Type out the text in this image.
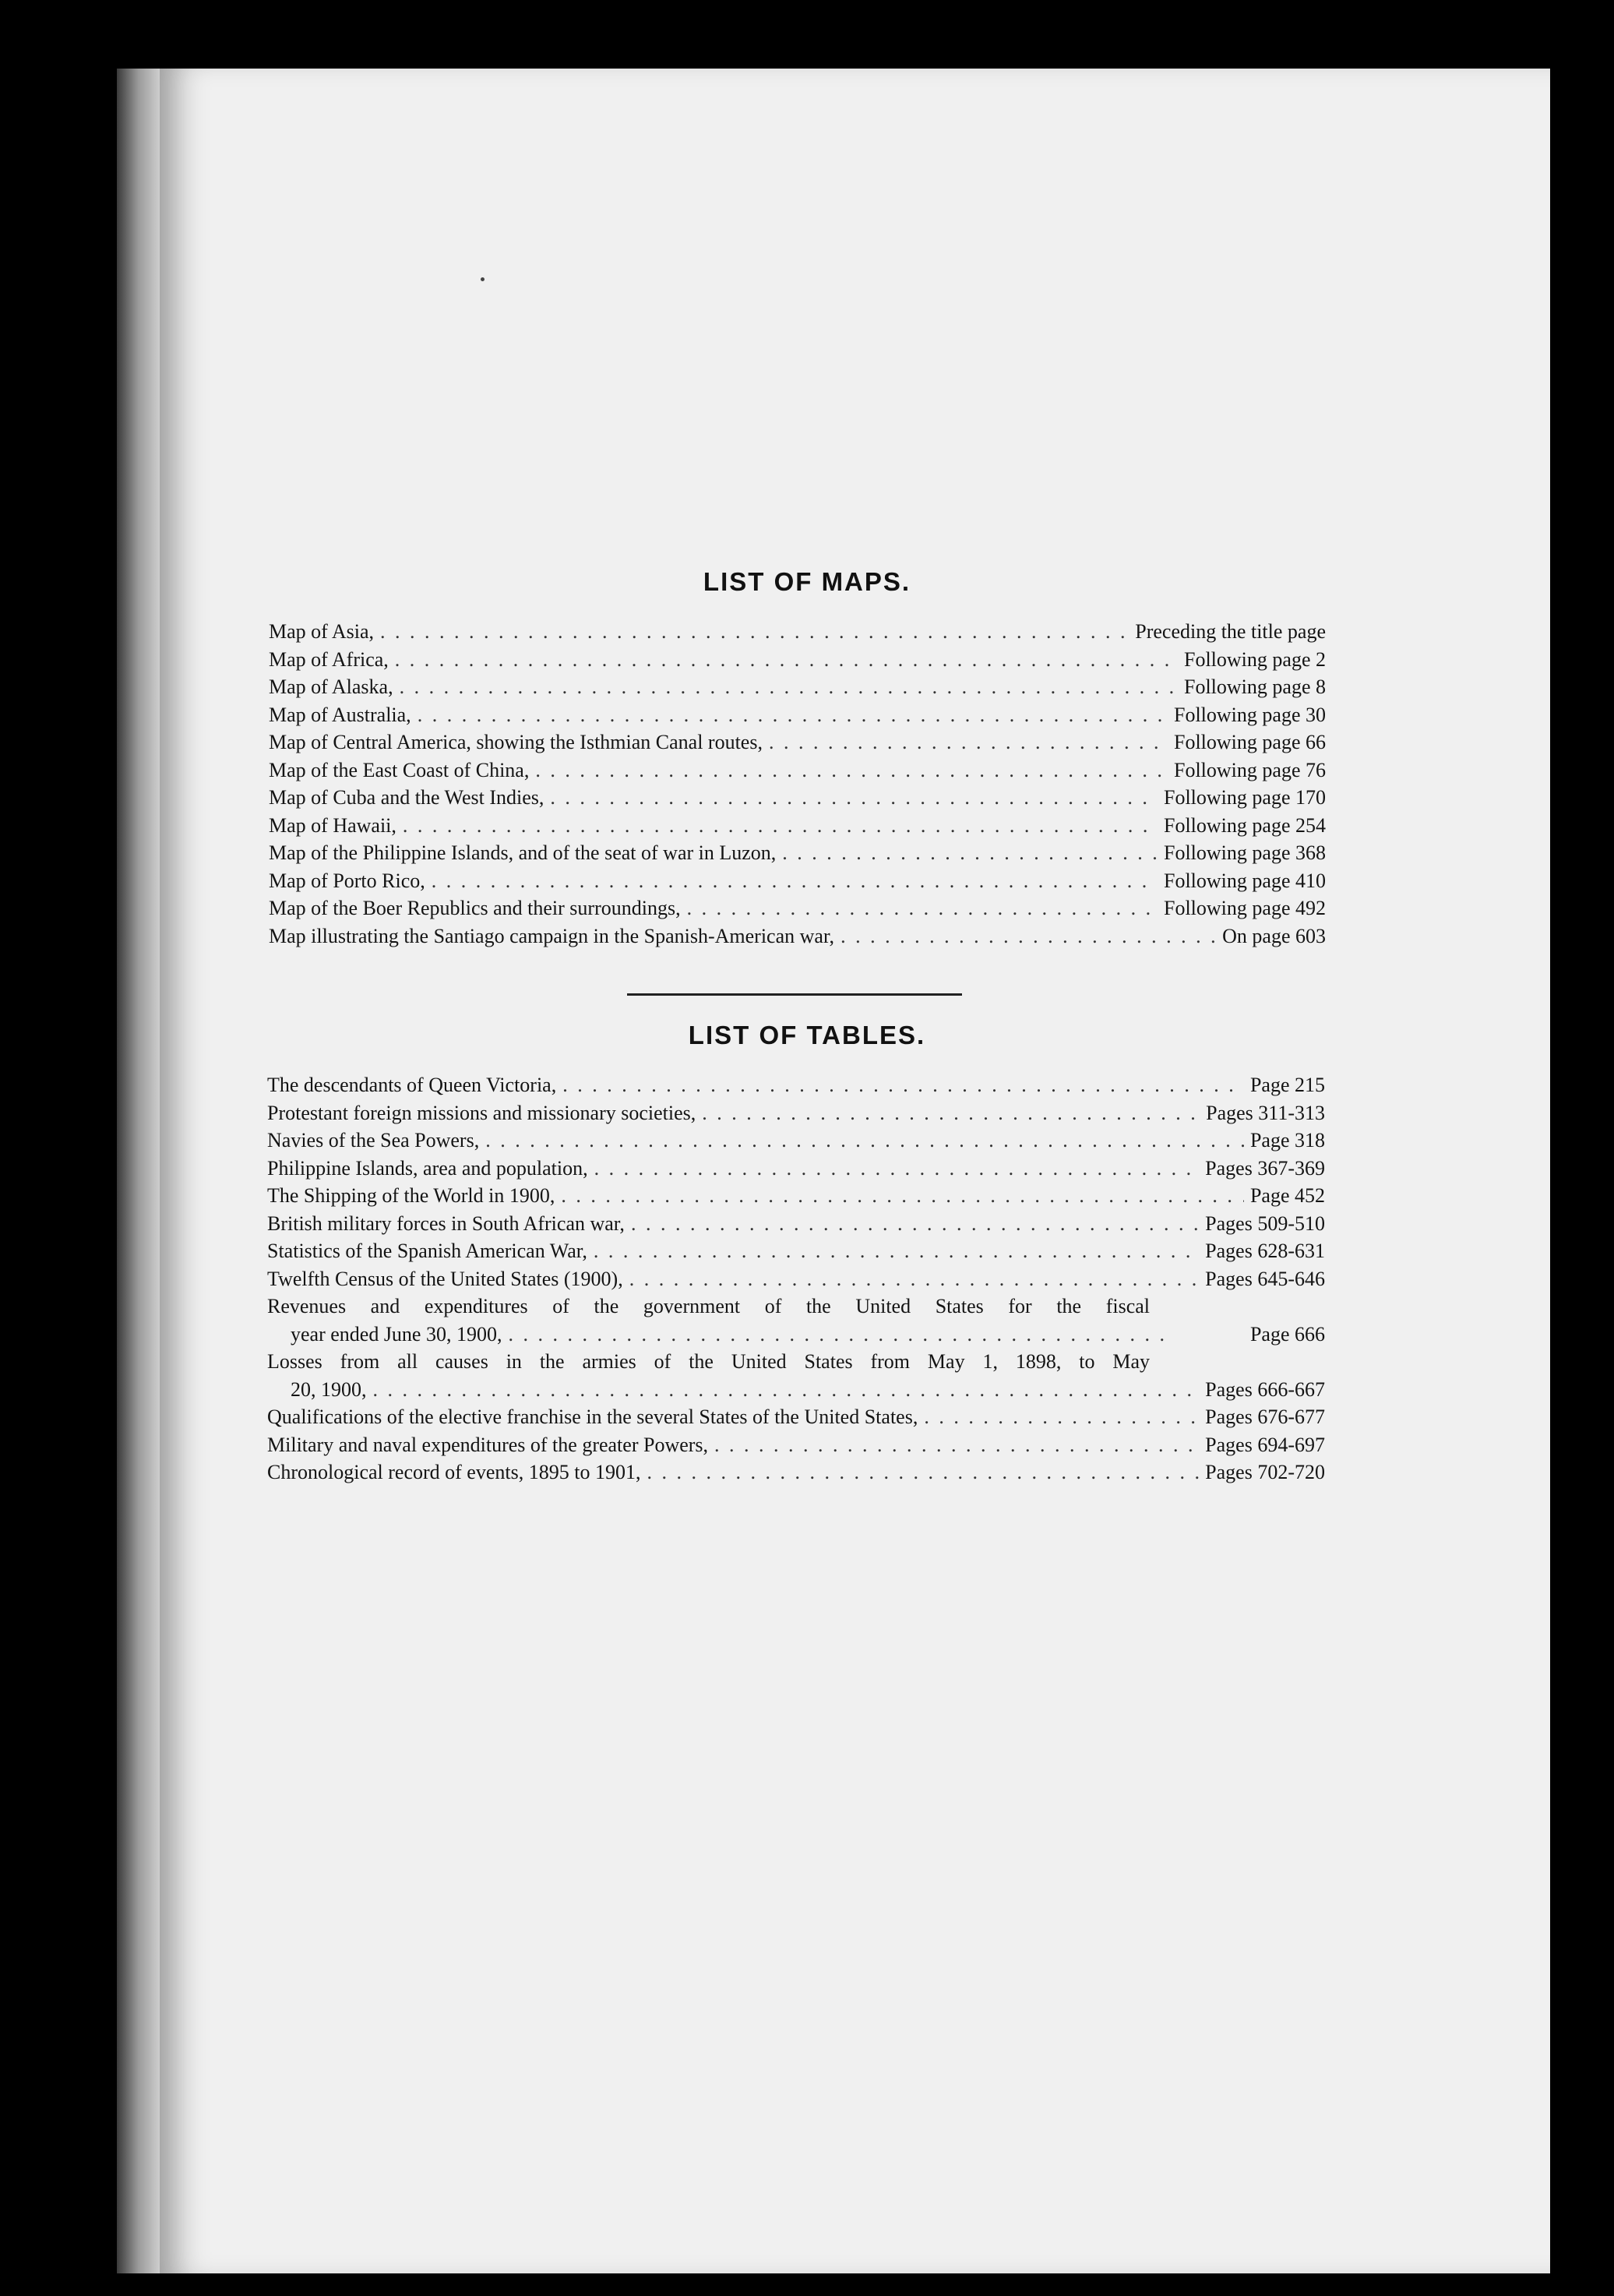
LIST OF MAPS.
Map of Asia, . . .	Preceding the title page
Map of Africa, . . .	Following page 2
Map of Alaska, . . .	Following page 8
Map of Australia, . . .	Following page 30
Map of Central America, showing the Isthmian Canal routes, . . .	Following page 66
Map of the East Coast of China, . . .	Following page 76
Map of Cuba and the West Indies, . . .	Following page 170
Map of Hawaii, . . .	Following page 254
Map of the Philippine Islands, and of the seat of war in Luzon, . . .	Following page 368
Map of Porto Rico, . . .	Following page 410
Map of the Boer Republics and their surroundings, . . .	Following page 492
Map illustrating the Santiago campaign in the Spanish-American war, . . .	On page 603
LIST OF TABLES.
The descendants of Queen Victoria, . . .	Page 215
Protestant foreign missions and missionary societies, . . .	Pages 311-313
Navies of the Sea Powers, . . .	Page 318
Philippine Islands, area and population, . . .	Pages 367-369
The Shipping of the World in 1900, . . .	Page 452
British military forces in South African war, . . .	Pages 509-510
Statistics of the Spanish American War, . . .	Pages 628-631
Twelfth Census of the United States (1900), . . .	Pages 645-646
Revenues and expenditures of the government of the United States for the fiscal
year ended June 30, 1900, . . .	Page 666
Losses from all causes in the armies of the United States from May 1, 1898, to May
20, 1900, . . .	Pages 666-667
Qualifications of the elective franchise in the several States of the United States, . . .	Pages 676-677
Military and naval expenditures of the greater Powers, . . .	Pages 694-697
Chronological record of events, 1895 to 1901, . . .	Pages 702-720
